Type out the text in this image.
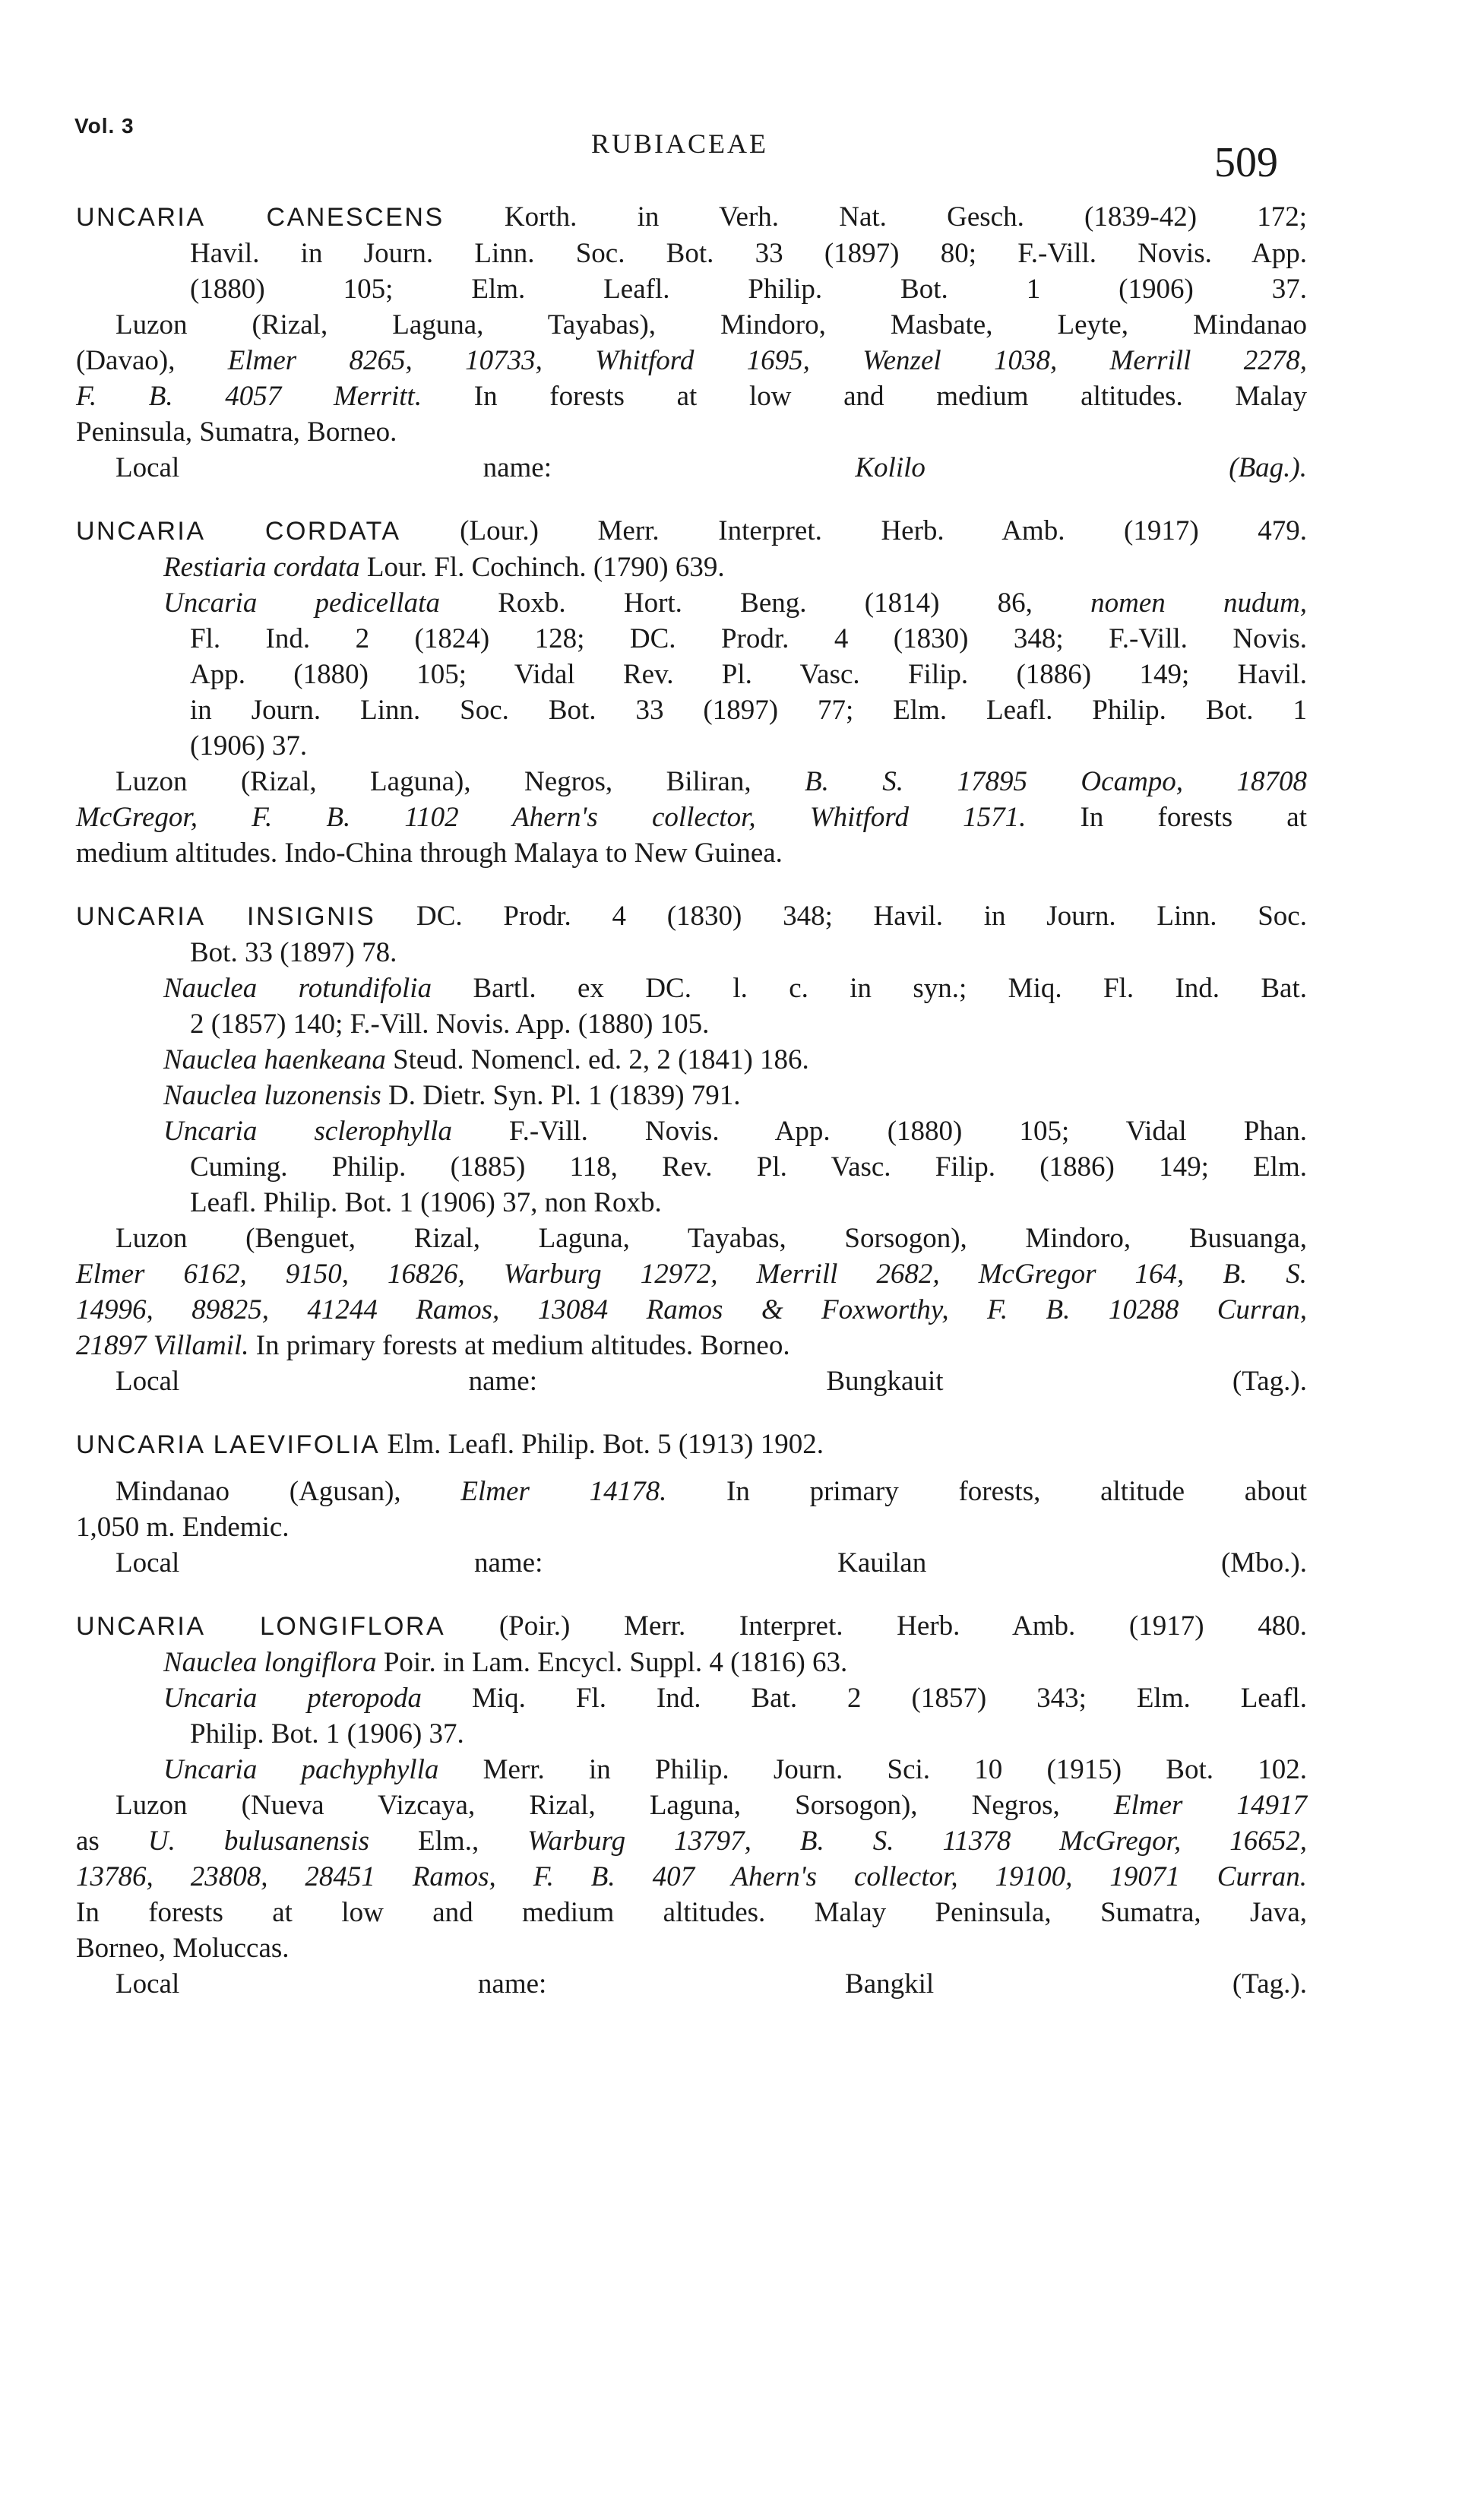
Vol. 3
RUBIACEAE	509
UNCARIA CANESCENS Korth. in Verh. Nat. Gesch. (1839-42) 172;
Havil. in Journ. Linn. Soc. Bot. 33 (1897) 80; F.-Vill. Novis. App.
(1880) 105; Elm. Leafl. Philip. Bot. 1 (1906) 37.
Luzon (Rizal, Laguna, Tayabas), Mindoro, Masbate, Leyte, Mindanao
(Davao), Elmer 8265, 10733, Whitford 1695, Wenzel 1038, Merrill 2278,
F. B. 4057 Merritt. In forests at low and medium altitudes. Malay
Peninsula, Sumatra, Borneo.
Local name: Kolilo (Bag.).
UNCARIA CORDATA (Lour.) Merr. Interpret. Herb. Amb. (1917) 479.
Restiaria cordata Lour. Fl. Cochinch. (1790) 639.
Uncaria pedicellata Roxb. Hort. Beng. (1814) 86, nomen nudum,
Fl. Ind. 2 (1824) 128; DC. Prodr. 4 (1830) 348; F.-Vill. Novis.
App. (1880) 105; Vidal Rev. Pl. Vasc. Filip. (1886) 149; Havil.
in Journ. Linn. Soc. Bot. 33 (1897) 77; Elm. Leafl. Philip. Bot. 1
(1906) 37.
Luzon (Rizal, Laguna), Negros, Biliran, B. S. 17895 Ocampo, 18708
McGregor, F. B. 1102 Ahern's collector, Whitford 1571. In forests at
medium altitudes. Indo-China through Malaya to New Guinea.
UNCARIA INSIGNIS DC. Prodr. 4 (1830) 348; Havil. in Journ. Linn. Soc.
Bot. 33 (1897) 78.
Nauclea rotundifolia Bartl. ex DC. l. c. in syn.; Miq. Fl. Ind. Bat.
2 (1857) 140; F.-Vill. Novis. App. (1880) 105.
Nauclea haenkeana Steud. Nomencl. ed. 2, 2 (1841) 186.
Nauclea luzonensis D. Dietr. Syn. Pl. 1 (1839) 791.
Uncaria sclerophylla F.-Vill. Novis. App. (1880) 105; Vidal Phan.
Cuming. Philip. (1885) 118, Rev. Pl. Vasc. Filip. (1886) 149; Elm.
Leafl. Philip. Bot. 1 (1906) 37, non Roxb.
Luzon (Benguet, Rizal, Laguna, Tayabas, Sorsogon), Mindoro, Busuanga,
Elmer 6162, 9150, 16826, Warburg 12972, Merrill 2682, McGregor 164, B. S.
14996, 89825, 41244 Ramos, 13084 Ramos & Foxworthy, F. B. 10288 Curran,
21897 Villamil. In primary forests at medium altitudes. Borneo.
Local name: Bungkauit (Tag.).
UNCARIA LAEVIFOLIA Elm. Leafl. Philip. Bot. 5 (1913) 1902.
Mindanao (Agusan), Elmer 14178. In primary forests, altitude about
1,050 m. Endemic.
Local name: Kauilan (Mbo.).
UNCARIA LONGIFLORA (Poir.) Merr. Interpret. Herb. Amb. (1917) 480.
Nauclea longiflora Poir. in Lam. Encycl. Suppl. 4 (1816) 63.
Uncaria pteropoda Miq. Fl. Ind. Bat. 2 (1857) 343; Elm. Leafl.
Philip. Bot. 1 (1906) 37.
Uncaria pachyphylla Merr. in Philip. Journ. Sci. 10 (1915) Bot. 102.
Luzon (Nueva Vizcaya, Rizal, Laguna, Sorsogon), Negros, Elmer 14917
as U. bulusanensis Elm., Warburg 13797, B. S. 11378 McGregor, 16652,
13786, 23808, 28451 Ramos, F. B. 407 Ahern's collector, 19100, 19071 Curran.
In forests at low and medium altitudes. Malay Peninsula, Sumatra, Java,
Borneo, Moluccas.
Local name: Bangkil (Tag.).
